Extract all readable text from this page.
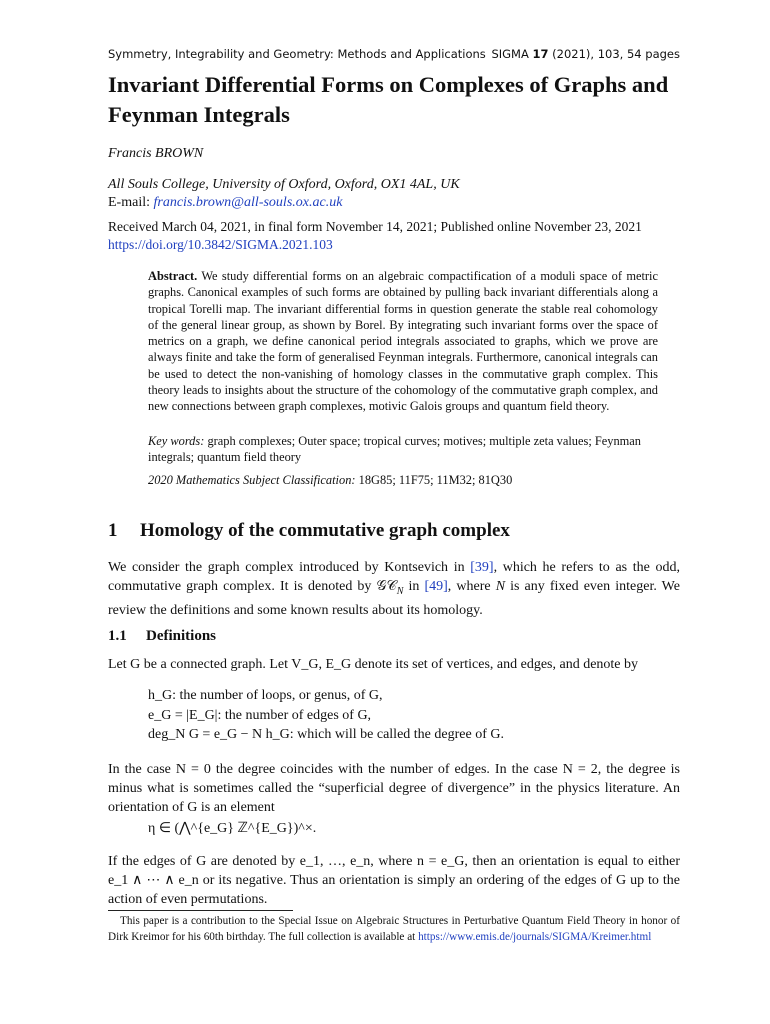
Symmetry, Integrability and Geometry: Methods and Applications SIGMA 17 (2021), 103, 54 pages
Invariant Differential Forms on Complexes of Graphs and Feynman Integrals
Francis BROWN
All Souls College, University of Oxford, Oxford, OX1 4AL, UK
E-mail: francis.brown@all-souls.ox.ac.uk
Received March 04, 2021, in final form November 14, 2021; Published online November 23, 2021
https://doi.org/10.3842/SIGMA.2021.103
Abstract. We study differential forms on an algebraic compactification of a moduli space of metric graphs. Canonical examples of such forms are obtained by pulling back invariant differentials along a tropical Torelli map. The invariant differential forms in question generate the stable real cohomology of the general linear group, as shown by Borel. By integrating such invariant forms over the space of metrics on a graph, we define canonical period integrals associated to graphs, which we prove are always finite and take the form of generalised Feynman integrals. Furthermore, canonical integrals can be used to detect the non-vanishing of homology classes in the commutative graph complex. This theory leads to insights about the structure of the cohomology of the commutative graph complex, and new connections between graph complexes, motivic Galois groups and quantum field theory.
Key words: graph complexes; Outer space; tropical curves; motives; multiple zeta values; Feynman integrals; quantum field theory
2020 Mathematics Subject Classification: 18G85; 11F75; 11M32; 81Q30
1 Homology of the commutative graph complex
We consider the graph complex introduced by Kontsevich in [39], which he refers to as the odd, commutative graph complex. It is denoted by 𝒢𝒞$_N$ in [49], where N is any fixed even integer. We review the definitions and some known results about its homology.
1.1 Definitions
Let G be a connected graph. Let V_G, E_G denote its set of vertices, and edges, and denote by
h_G: the number of loops, or genus, of G,
e_G = |E_G|: the number of edges of G,
deg_N G = e_G − N h_G: which will be called the degree of G.
In the case N = 0 the degree coincides with the number of edges. In the case N = 2, the degree is minus what is sometimes called the “superficial degree of divergence” in the physics literature. An orientation of G is an element
η ∈ (⋀^{e_G} ℤ^{E_G})^×.
If the edges of G are denoted by e_1, …, e_n, where n = e_G, then an orientation is equal to either e_1 ∧ ⋯ ∧ e_n or its negative. Thus an orientation is simply an ordering of the edges of G up to the action of even permutations.
This paper is a contribution to the Special Issue on Algebraic Structures in Perturbative Quantum Field Theory in honor of Dirk Kreimor for his 60th birthday. The full collection is available at https://www.emis.de/journals/SIGMA/Kreimer.html
